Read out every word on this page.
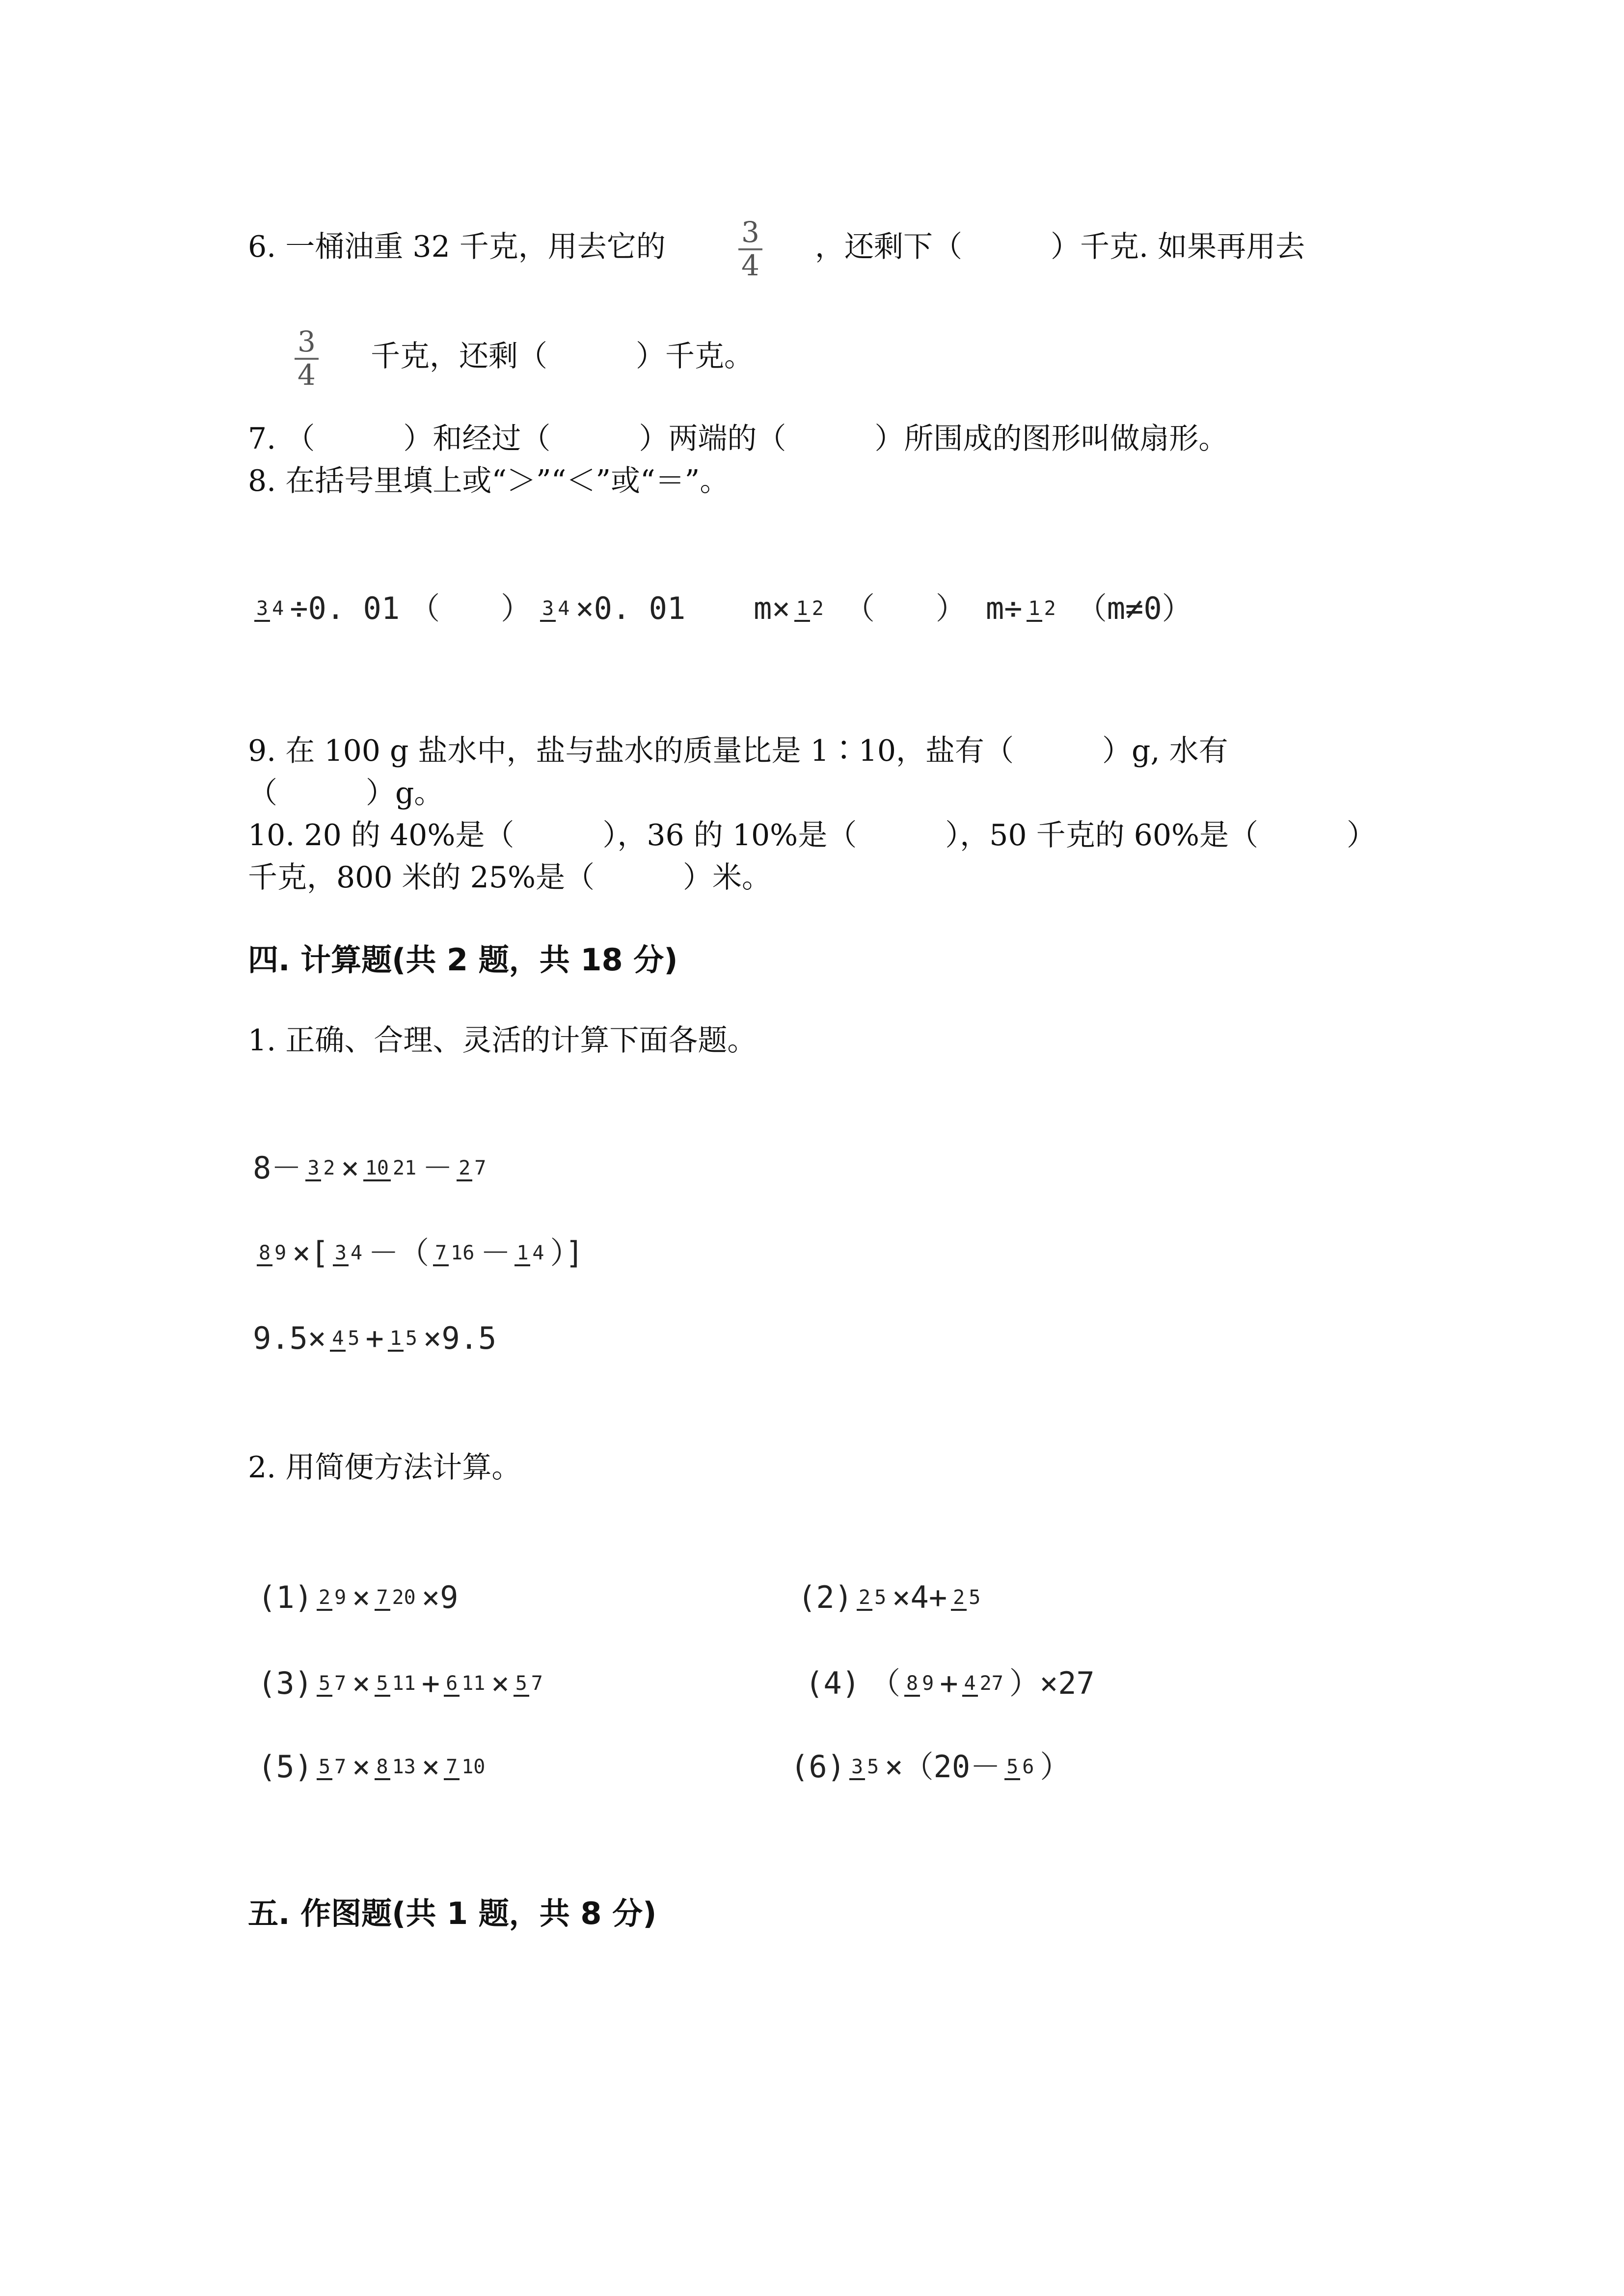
6. 一桶油重 32 千克，用去它的	$\frac{3}{4}$ ，还剩下（　　　）千克. 如果再用去
$\frac{3}{4}$ 千克，还剩（　　　）千克。
7. （　　　）和经过（　　　）两端的（　　　）所围成的图形叫做扇形。
8. 在括号里填上或“＞”“＜”或“＝”。
3 4 ÷0. 01 （　　） 3 4 ×0. 01 m× 1 2 （　　） m÷ 1 2 （m≠0）
9. 在 100 g 盐水中，盐与盐水的质量比是 1∶10，盐有（　　　）g, 水有
（　　　）g。
10. 20 的 40%是（　　　），36 的 10%是（　　　），50 千克的 60%是（　　　）
千克，800 米的 25%是（　　　）米。
四. 计算题(共 2 题，共 18 分)
1. 正确、合理、灵活的计算下面各题。
8－ 3 2 × 10 21 － 2 7
8 9 ×[ 3 4 －（ 7 16 － 1 4 ）]
9.5× 4 5 + 1 5 ×9.5
2. 用简便方法计算。
(1) 2 9 × 7 20 ×9	(2) 2 5 ×4+ 2 5
(3) 5 7 × 5 11 + 6 11 × 5 7	(4) （ 8 9 + 4 27 ）×27
(5) 5 7 × 8 13 × 7 10	(6) 3 5 ×（20－ 5 6 ）
五. 作图题(共 1 题，共 8 分)
